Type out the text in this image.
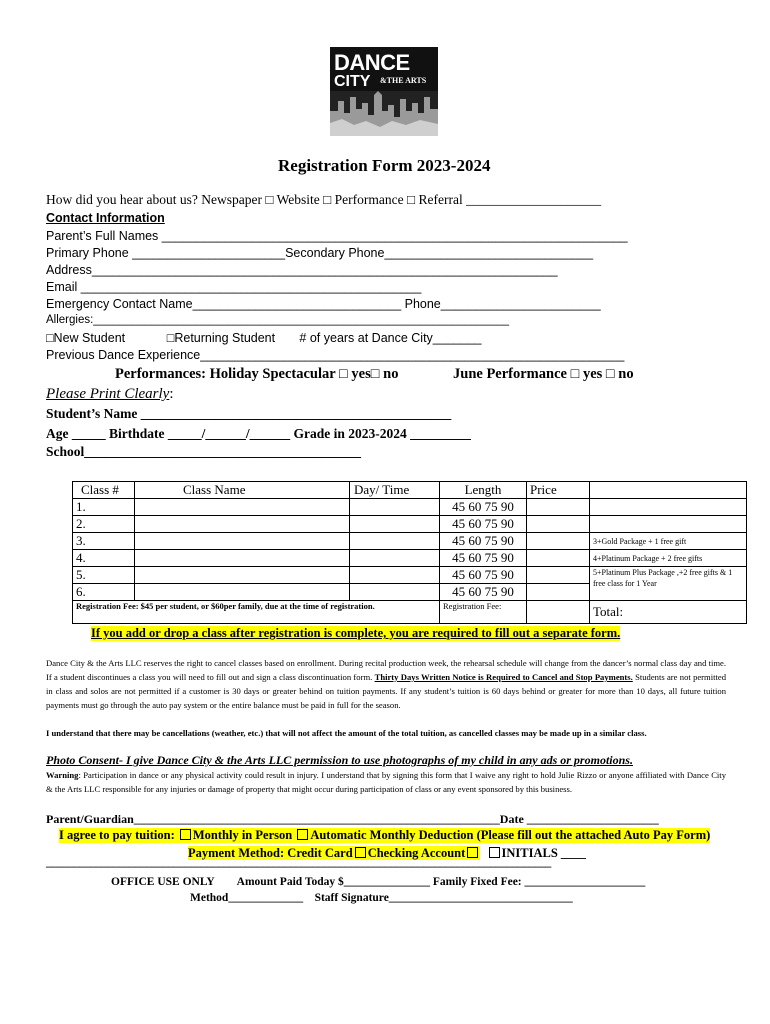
DANCE
CITY &THE ARTS
Registration Form 2023-2024
How did you hear about us? Newspaper □ Website □ Performance □ Referral ____________________
Contact Information
Parent’s Full Names ___________________________________________________________________
Primary Phone ______________________Secondary Phone______________________________
Address___________________________________________________________________
Email _________________________________________________
Emergency Contact Name______________________________ Phone_______________________
Allergies:_________________________________________________________________
□New Student            □Returning Student       # of years at Dance City_______
Previous Dance Experience_____________________________________________________________
Performances: Holiday Spectacular □ yes□ no	June Performance □ yes □ no
Please Print Clearly:
Student’s Name ______________________________________________
Age _____ Birthdate _____/______/______ Grade in 2023-2024 _________
School_________________________________________
Class #	Class Name	Day/ Time	Length	Price	
1.			45 60 75 90		
2.			45 60 75 90		
3.			45 60 75 90		3+Gold Package + 1 free gift
4.			45 60 75 90		4+Platinum Package + 2 free gifts
5.			45 60 75 90		5+Platinum Plus Package ,+2 free gifts & 1 free class for 1 Year
6.			45 60 75 90		
Registration Fee: $45 per student, or $60per family, due at the time of registration.			Registration Fee:		Total:
If you add or drop a class after registration is complete, you are required to fill out a separate form.

Dance City & the Arts LLC reserves the right to cancel classes based on enrollment. During recital production week, the rehearsal schedule will change from the dancer’s normal class day and time. If a student discontinues a class you will need to fill out and sign a class discontinuation form. Thirty Days Written Notice is Required to Cancel and Stop Payments. Students are not permitted in class and solos are not permitted if a customer is 30 days or greater behind on tuition payments. If any student’s tuition is 60 days behind or greater for more than 10 days, all future tuition payments must go through the auto pay system or the entire balance must be paid in full for the season.

I understand that there may be cancellations (weather, etc.) that will not affect the amount of the total tuition, as cancelled classes may be made up in a similar class.

Photo Consent- I give Dance City & the Arts LLC permission to use photographs of my child in any ads or promotions.

Warning: Participation in dance or any physical activity could result in injury. I understand that by signing this form that I waive any right to hold Julie Rizzo or anyone affiliated with Dance City & the Arts LLC responsible for any injuries or damage of property that might occur during participation of class or any event sponsored by this business.

Parent/Guardian_____________________________________________________________Date ______________________
I agree to pay tuition: Monthly in Person Automatic Monthly Deduction (Please fill out the attached Auto Pay Form)
Payment Method: Credit Card Checking Account	INITIALS ____
___________________________________________________________________________________________
OFFICE USE ONLY        Amount Paid Today $_______________ Family Fixed Fee: _____________________
Method_____________    Staff Signature________________________________
